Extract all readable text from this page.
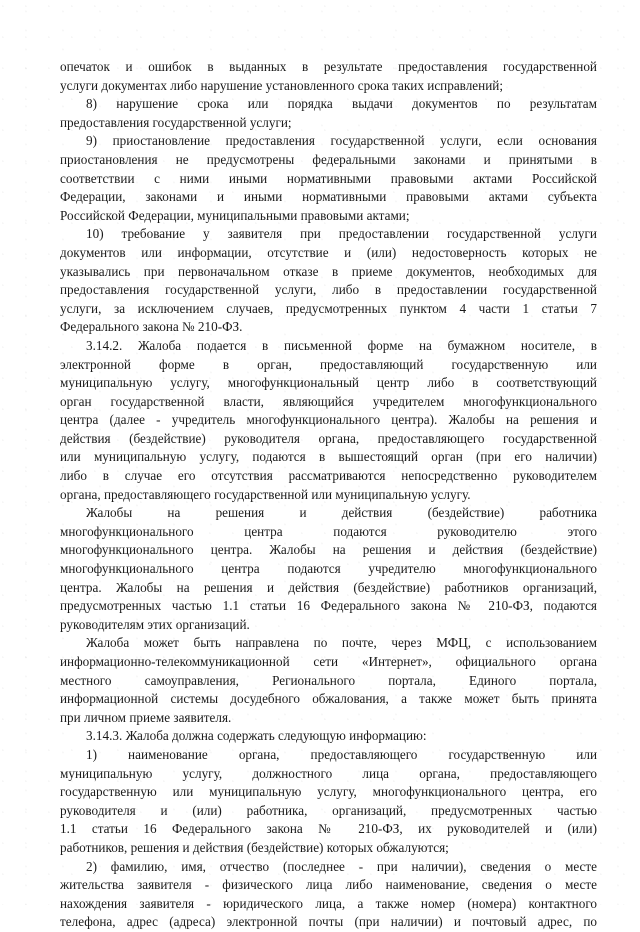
опечаток и ошибок в выданных в результате предоставления государственной
услуги документах либо нарушение установленного срока таких исправлений;
8) нарушение срока или порядка выдачи документов по результатам
предоставления государственной услуги;
9) приостановление предоставления государственной услуги, если основания
приостановления не предусмотрены федеральными законами и принятыми в
соответствии с ними иными нормативными правовыми актами Российской
Федерации, законами и иными нормативными правовыми актами субъекта
Российской Федерации, муниципальными правовыми актами;
10) требование у заявителя при предоставлении государственной услуги
документов или информации, отсутствие и (или) недостоверность которых не
указывались при первоначальном отказе в приеме документов, необходимых для
предоставления государственной услуги, либо в предоставлении государственной
услуги, за исключением случаев, предусмотренных пунктом 4 части 1 статьи 7
Федерального закона № 210-ФЗ.
3.14.2. Жалоба подается в письменной форме на бумажном носителе, в
электронной форме в орган, предоставляющий государственную или
муниципальную услугу, многофункциональный центр либо в соответствующий
орган государственной власти, являющийся учредителем многофункционального
центра (далее - учредитель многофункционального центра). Жалобы на решения и
действия (бездействие) руководителя органа, предоставляющего государственной
или муниципальную услугу, подаются в вышестоящий орган (при его наличии)
либо в случае его отсутствия рассматриваются непосредственно руководителем
органа, предоставляющего государственной или муниципальную услугу.
Жалобы на решения и действия (бездействие) работника
многофункционального центра подаются руководителю этого
многофункционального центра. Жалобы на решения и действия (бездействие)
многофункционального центра подаются учредителю многофункционального
центра. Жалобы на решения и действия (бездействие) работников организаций,
предусмотренных частью 1.1 статьи 16 Федерального закона № 210-ФЗ, подаются
руководителям этих организаций.
Жалоба может быть направлена по почте, через МФЦ, с использованием
информационно-телекоммуникационной сети «Интернет», официального органа
местного самоуправления, Регионального портала, Единого портала,
информационной системы досудебного обжалования, а также может быть принята
при личном приеме заявителя.
3.14.3. Жалоба должна содержать следующую информацию:
1) наименование органа, предоставляющего государственную или
муниципальную услугу, должностного лица органа, предоставляющего
государственную или муниципальную услугу, многофункционального центра, его
руководителя и (или) работника, организаций, предусмотренных частью
1.1 статьи 16 Федерального закона № 210-ФЗ, их руководителей и (или)
работников, решения и действия (бездействие) которых обжалуются;
2) фамилию, имя, отчество (последнее - при наличии), сведения о месте
жительства заявителя - физического лица либо наименование, сведения о месте
нахождения заявителя - юридического лица, а также номер (номера) контактного
телефона, адрес (адреса) электронной почты (при наличии) и почтовый адрес, по
